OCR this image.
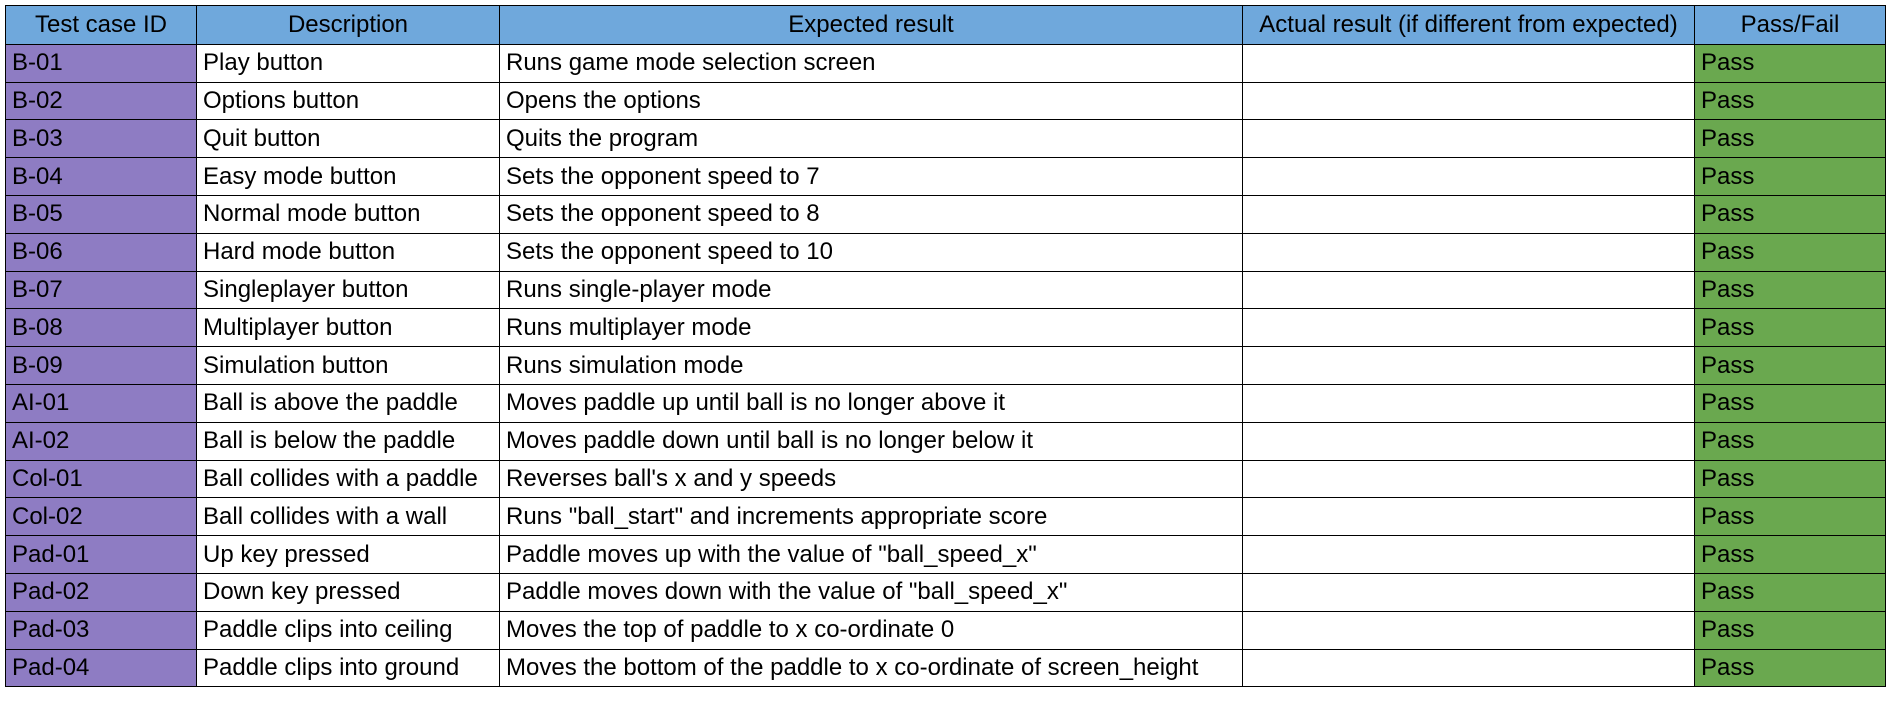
Test case ID	Description	Expected result	Actual result (if different from expected)	Pass/Fail
B-01	Play button	Runs game mode selection screen		Pass
B-02	Options button	Opens the options		Pass
B-03	Quit button	Quits the program		Pass
B-04	Easy mode button	Sets the opponent speed to 7		Pass
B-05	Normal mode button	Sets the opponent speed to 8		Pass
B-06	Hard mode button	Sets the opponent speed to 10		Pass
B-07	Singleplayer button	Runs single-player mode		Pass
B-08	Multiplayer button	Runs multiplayer mode		Pass
B-09	Simulation button	Runs simulation mode		Pass
AI-01	Ball is above the paddle	Moves paddle up until ball is no longer above it		Pass
AI-02	Ball is below the paddle	Moves paddle down until ball is no longer below it		Pass
Col-01	Ball collides with a paddle	Reverses ball's x and y speeds		Pass
Col-02	Ball collides with a wall	Runs "ball_start" and increments appropriate score		Pass
Pad-01	Up key pressed	Paddle moves up with the value of "ball_speed_x"		Pass
Pad-02	Down key pressed	Paddle moves down with the value of "ball_speed_x"		Pass
Pad-03	Paddle clips into ceiling	Moves the top of paddle to x co-ordinate 0		Pass
Pad-04	Paddle clips into ground	Moves the bottom of the paddle to x co-ordinate of screen_height		Pass
